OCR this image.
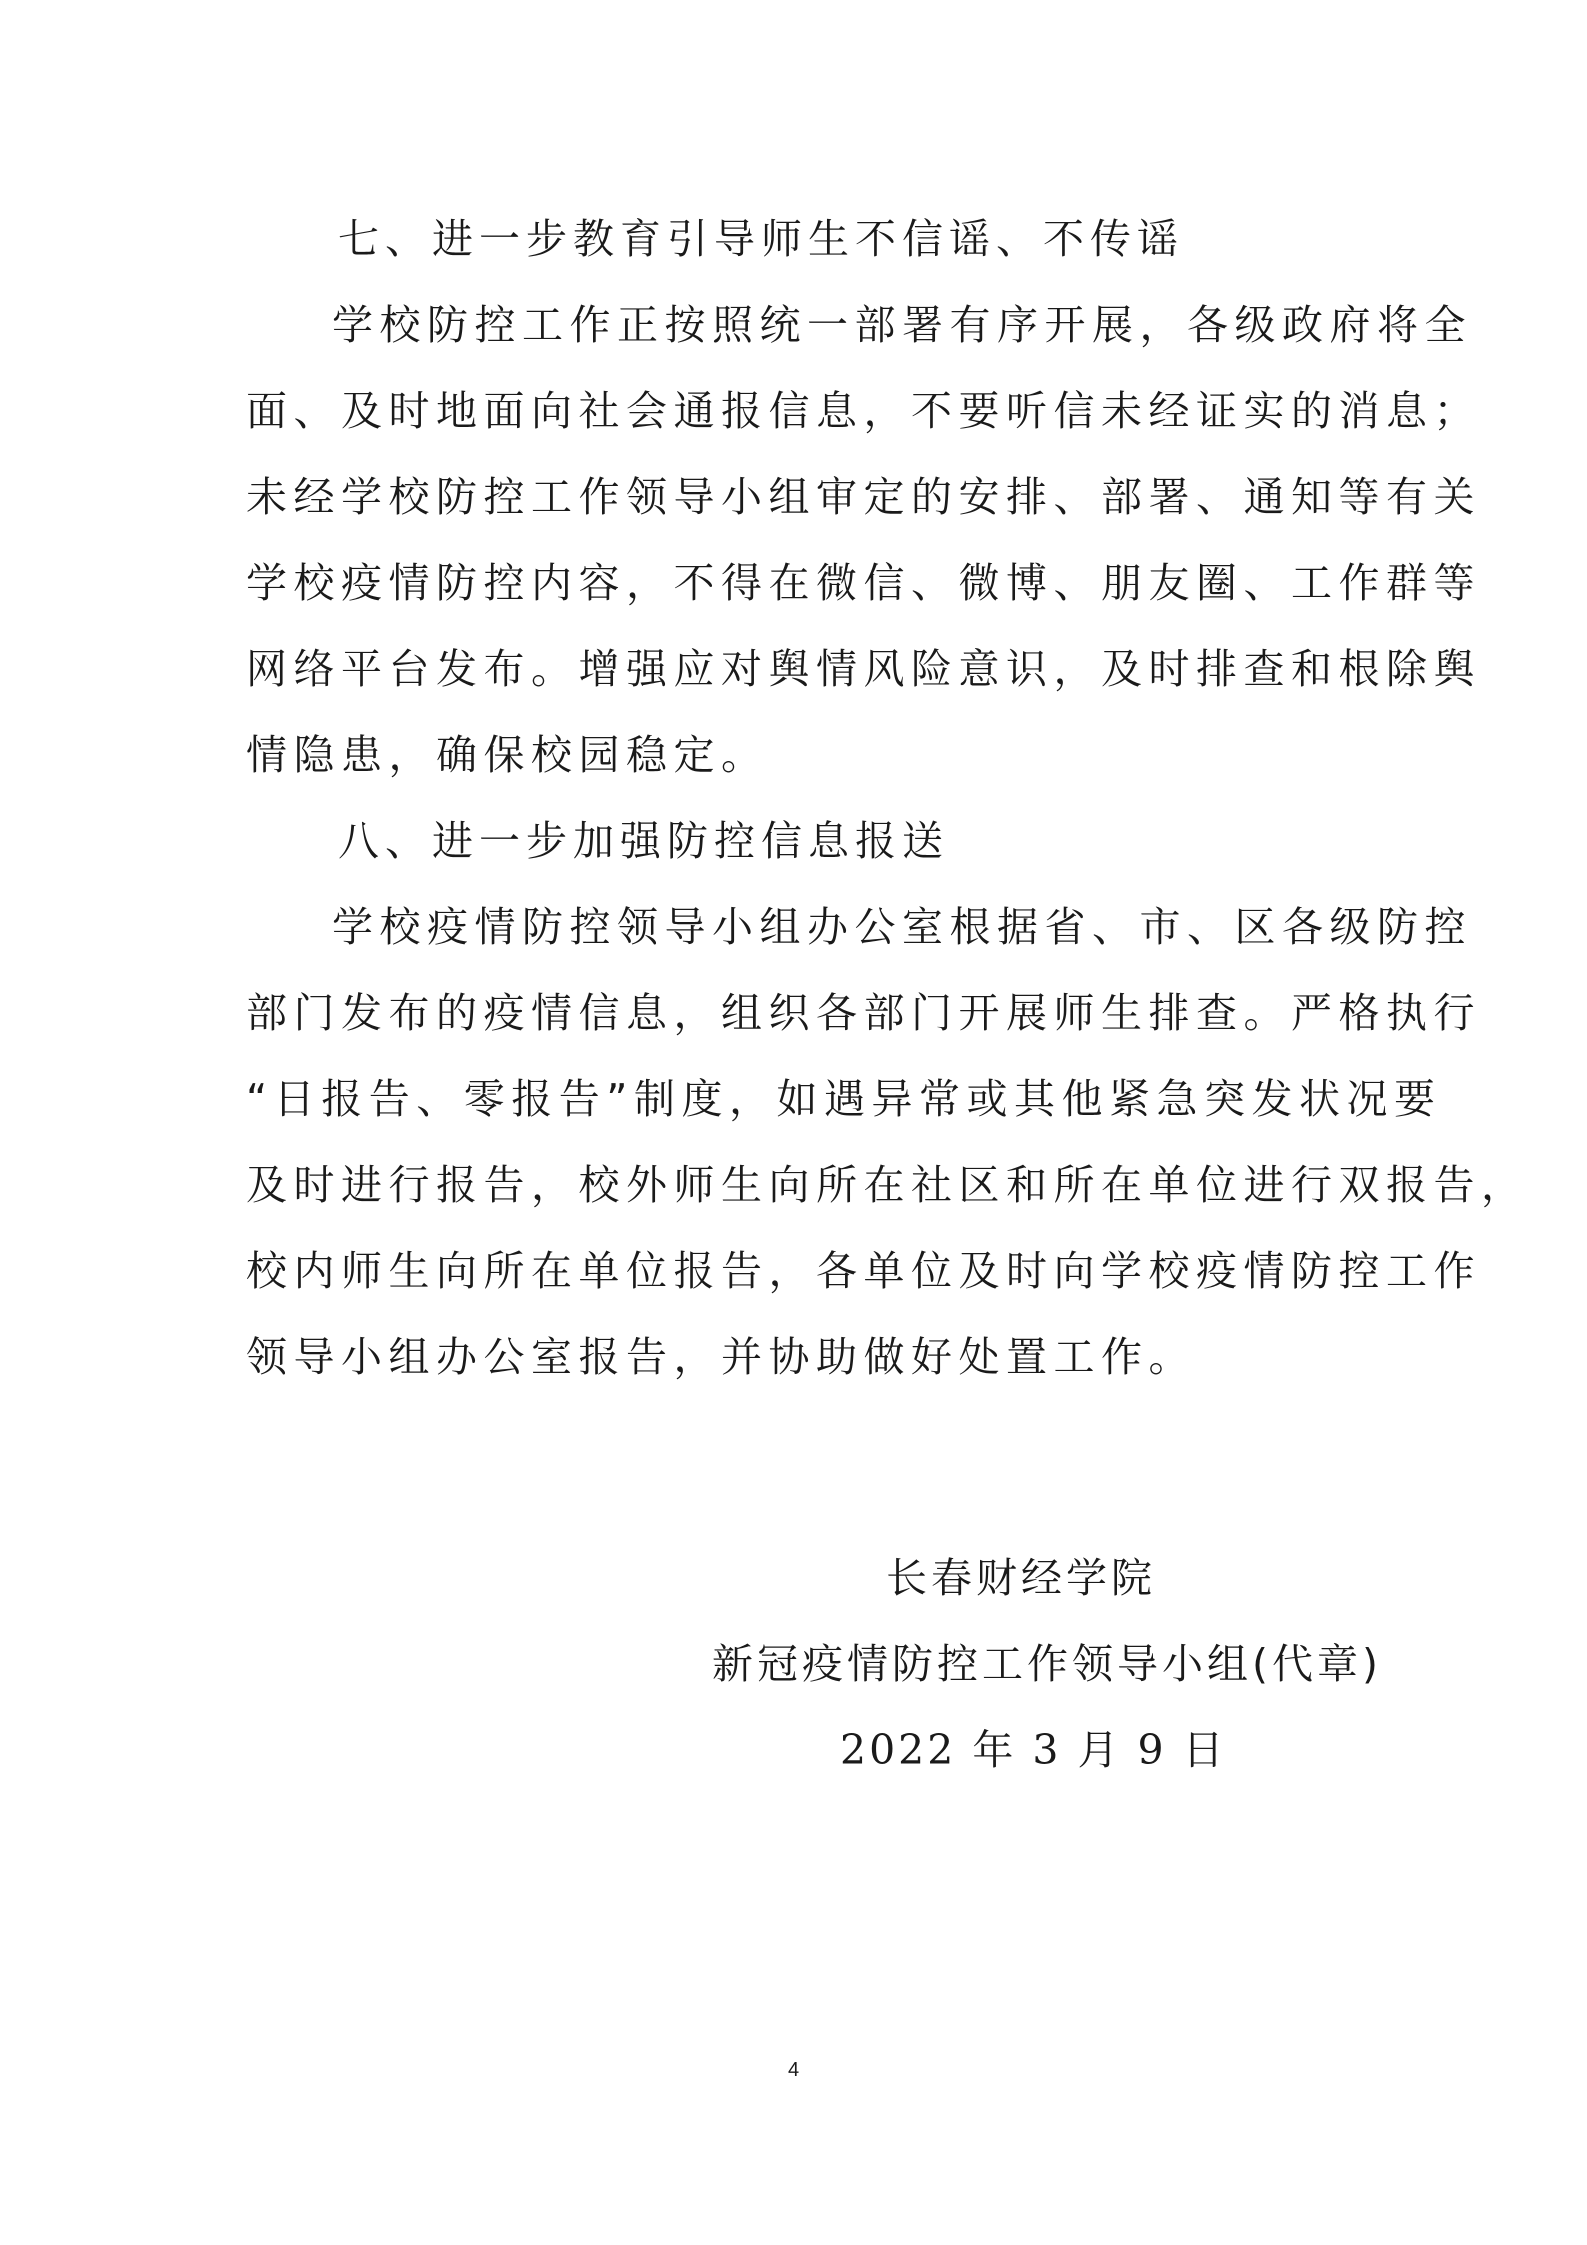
七、进一步教育引导师生不信谣、不传谣

学校防控工作正按照统一部署有序开展，各级政府将全

面、及时地面向社会通报信息，不要听信未经证实的消息；

未经学校防控工作领导小组审定的安排、部署、通知等有关

学校疫情防控内容，不得在微信、微博、朋友圈、工作群等

网络平台发布。增强应对舆情风险意识，及时排查和根除舆

情隐患，确保校园稳定。

八、进一步加强防控信息报送

学校疫情防控领导小组办公室根据省、市、区各级防控

部门发布的疫情信息，组织各部门开展师生排查。严格执行

“日报告、零报告”制度，如遇异常或其他紧急突发状况要

及时进行报告，校外师生向所在社区和所在单位进行双报告，

校内师生向所在单位报告，各单位及时向学校疫情防控工作

领导小组办公室报告，并协助做好处置工作。

长春财经学院
新冠疫情防控工作领导小组(代章)
2022 年 3 月 9 日
4
